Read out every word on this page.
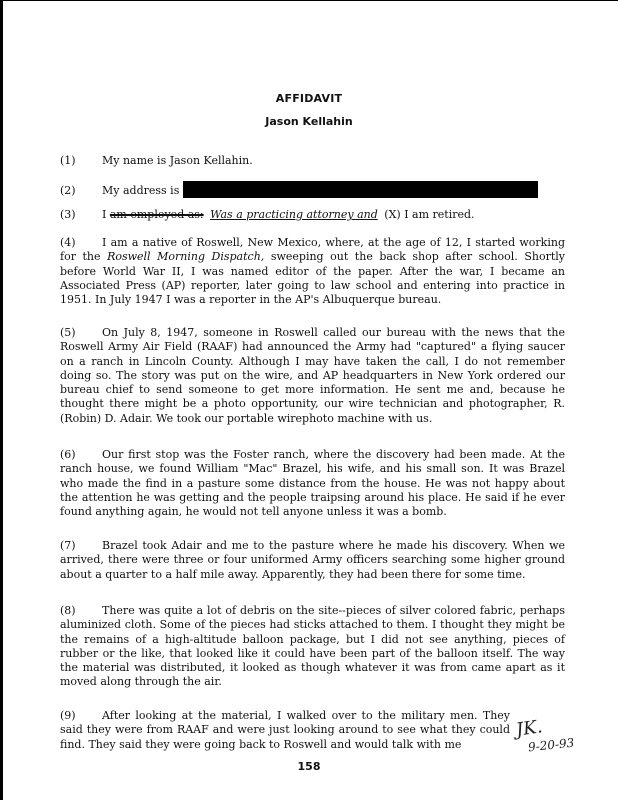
AFFIDAVIT
Jason Kellahin
(1) My name is Jason Kellahin.
(2) My address is
(3) I am employed as: Was a practicing attorney and (X) I am retired.
(4) I am a native of Roswell, New Mexico, where, at the age of 12, I started working for the Roswell Morning Dispatch, sweeping out the back shop after school. Shortly before World War II, I was named editor of the paper. After the war, I became an Associated Press (AP) reporter, later going to law school and entering into practice in 1951. In July 1947 I was a reporter in the AP's Albuquerque bureau.
(5) On July 8, 1947, someone in Roswell called our bureau with the news that the Roswell Army Air Field (RAAF) had announced the Army had "captured" a flying saucer on a ranch in Lincoln County. Although I may have taken the call, I do not remember doing so. The story was put on the wire, and AP headquarters in New York ordered our bureau chief to send someone to get more information. He sent me and, because he thought there might be a photo opportunity, our wire technician and photographer, R. (Robin) D. Adair. We took our portable wirephoto machine with us.
(6) Our first stop was the Foster ranch, where the discovery had been made. At the ranch house, we found William "Mac" Brazel, his wife, and his small son. It was Brazel who made the find in a pasture some distance from the house. He was not happy about the attention he was getting and the people traipsing around his place. He said if he ever found anything again, he would not tell anyone unless it was a bomb.
(7) Brazel took Adair and me to the pasture where he made his discovery. When we arrived, there were three or four uniformed Army officers searching some higher ground about a quarter to a half mile away. Apparently, they had been there for some time.
(8) There was quite a lot of debris on the site--pieces of silver colored fabric, perhaps aluminized cloth. Some of the pieces had sticks attached to them. I thought they might be the remains of a high-altitude balloon package, but I did not see anything, pieces of rubber or the like, that looked like it could have been part of the balloon itself. The way the material was distributed, it looked as though whatever it was from came apart as it moved along through the air.
(9) After looking at the material, I walked over to the military men. They said they were from RAAF and were just looking around to see what they could find. They said they were going back to Roswell and would talk with me
JK.
9-20-93
158
